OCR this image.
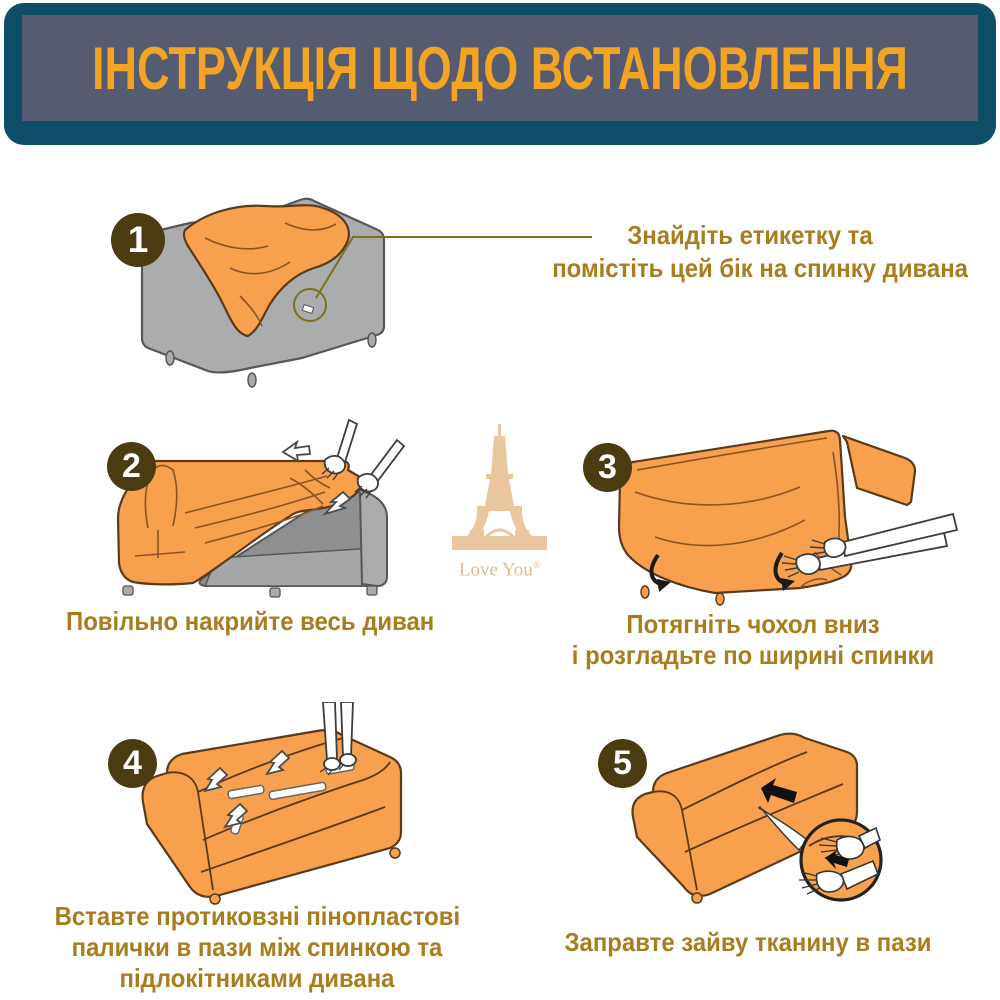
ІНСТРУКЦІЯ ЩОДО ВСТАНОВЛЕННЯ
Love You®
1
2	3
4	5
Знайдіть етикетку та
помістіть цей бік на спинку дивана
Повільно накрийте весь диван	Потягніть чохол вниз
і розгладьте по ширині спинки
Вставте протиковзні пінопластові
палички в пази між спинкою та
підлокітниками дивана
Заправте зайву тканину в пази
